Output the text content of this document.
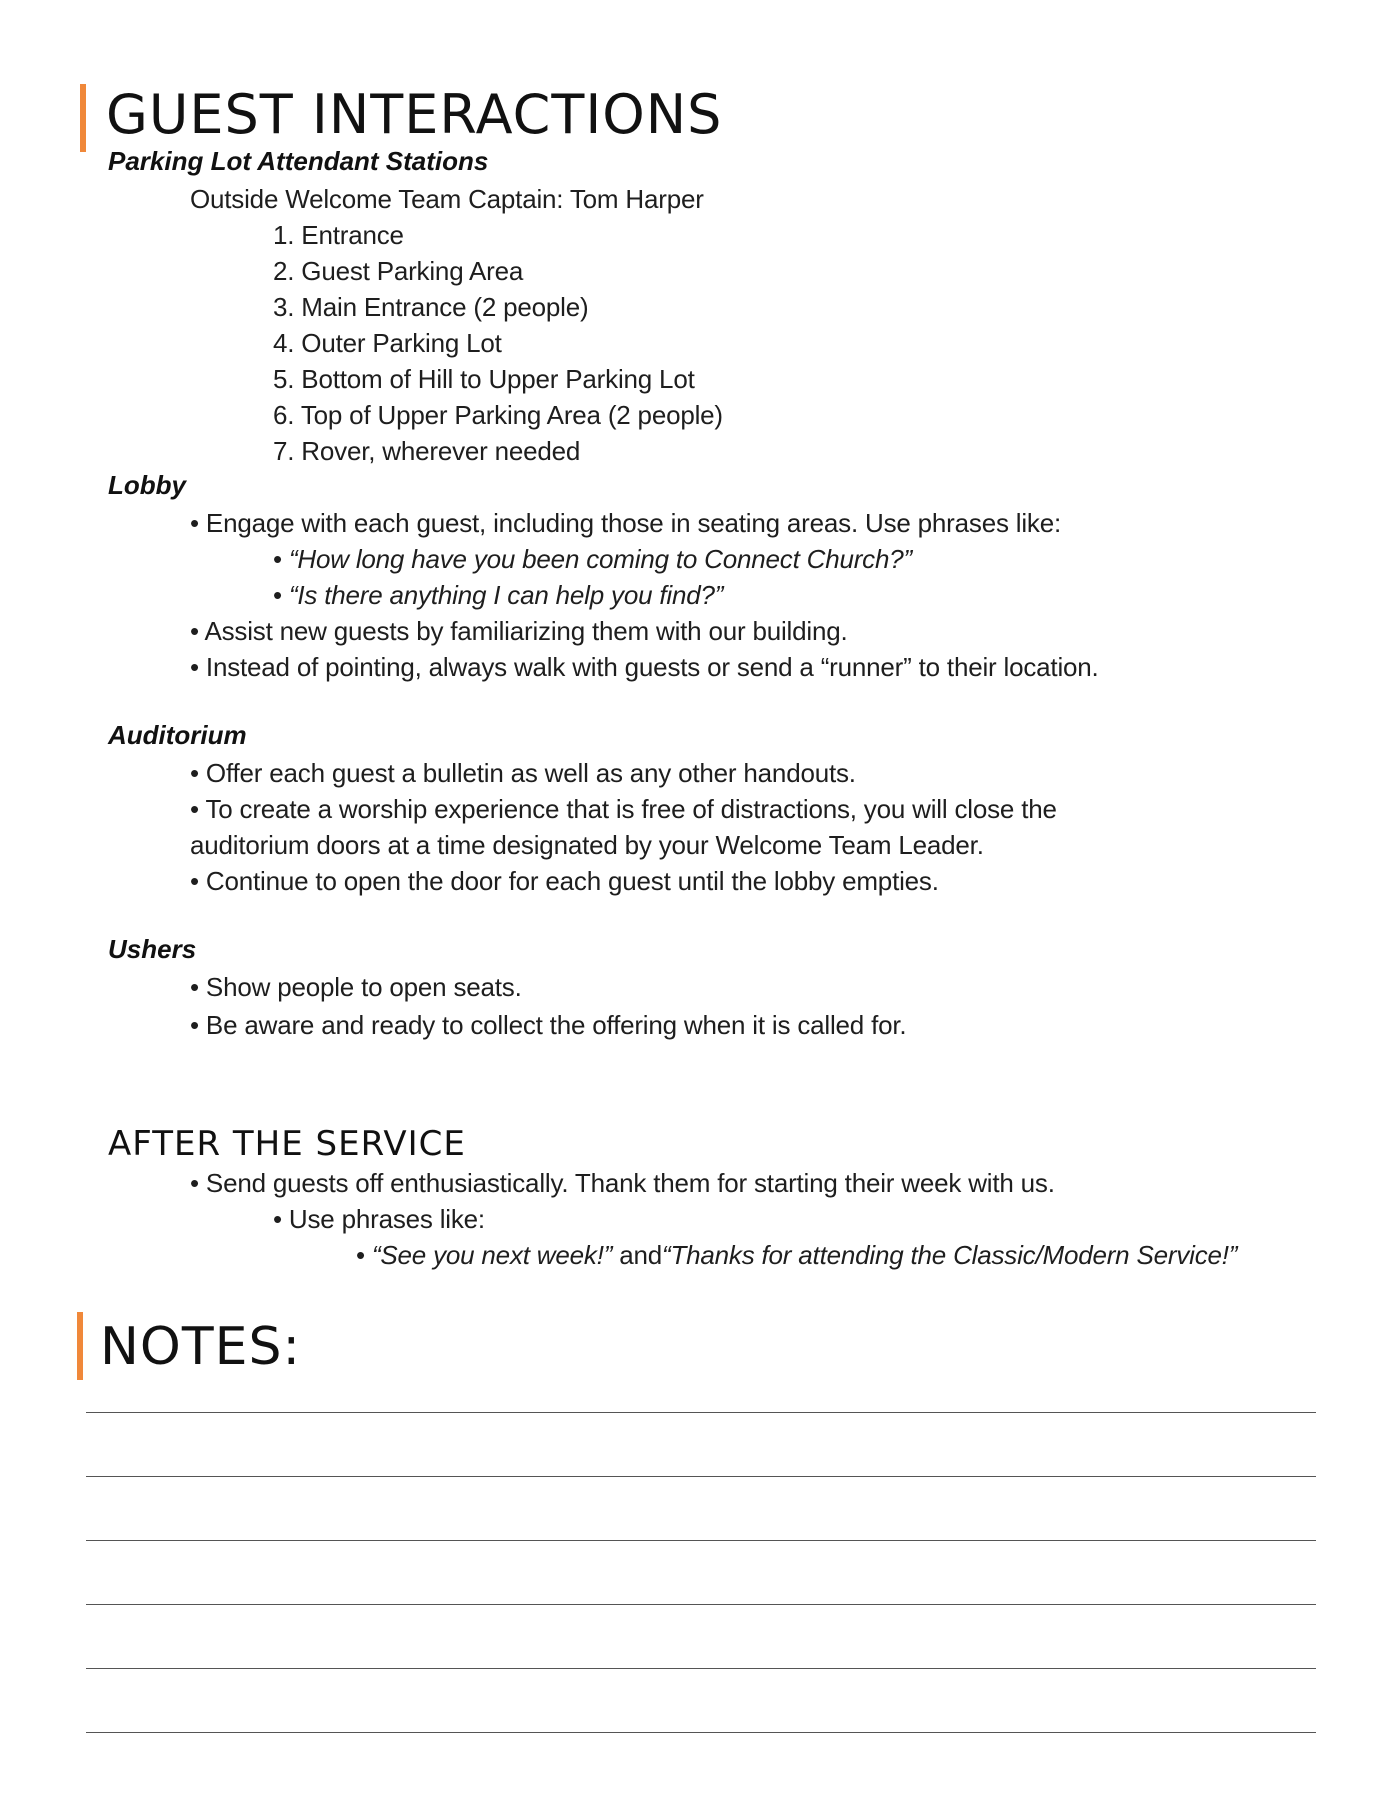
GUEST INTERACTIONS
Parking Lot Attendant Stations

Outside Welcome Team Captain: Tom Harper

1. Entrance

2. Guest Parking Area

3. Main Entrance (2 people)

4. Outer Parking Lot

5. Bottom of Hill to Upper Parking Lot

6. Top of Upper Parking Area (2 people)

7. Rover, wherever needed

Lobby

• Engage with each guest, including those in seating areas. Use phrases like:

• “How long have you been coming to Connect Church?”

• “Is there anything I can help you find?”

• Assist new guests by familiarizing them with our building.

• Instead of pointing, always walk with guests or send a “runner” to their location.

Auditorium

• Offer each guest a bulletin as well as any other handouts.

• To create a worship experience that is free of distractions, you will close the

auditorium doors at a time designated by your Welcome Team Leader.

• Continue to open the door for each guest until the lobby empties.

Ushers

• Show people to open seats.

• Be aware and ready to collect the offering when it is called for.

AFTER THE SERVICE

• Send guests off enthusiastically. Thank them for starting their week with us.

• Use phrases like:

• “See you next week!” and“Thanks for attending the Classic/Modern Service!”

NOTES:
